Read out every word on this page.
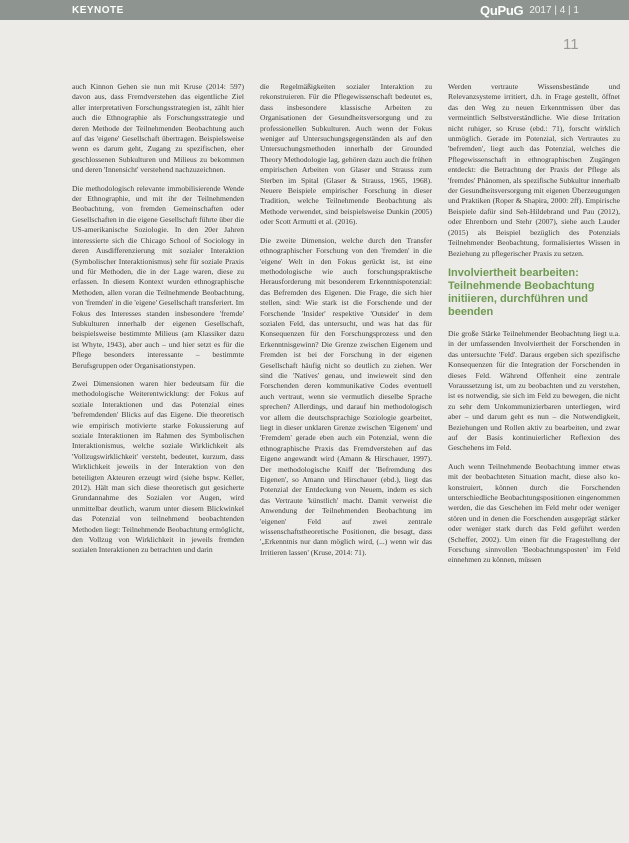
KEYNOTE	QuPuG 2017 | 4 | 1
11

auch Kinnon Gehen sie nun mit Kruse (2014: 597) davon aus, dass Fremdverstehen das eigentliche Ziel aller interpretativen Forschungsstrategien ist, zählt hier auch die Ethnographie als Forschungsstrategie und deren Methode der Teilnehmenden Beobachtung auch auf das 'eigene' Gesellschaft übertragen. Beispielsweise wenn es darum geht, Zugang zu spezifischen, eher geschlossenen Subkulturen und Milieus zu bekommen und deren 'Innensicht' verstehend nachzuzeichnen.

Die methodologisch relevante immobilisierende Wende der Ethnographie, und mit ihr der Teilnehmenden Beobachtung, von fremden Gemeinschaften oder Gesellschaften in die eigene Gesellschaft führte über die US-amerikanische Soziologie. In den 20er Jahren interessierte sich die Chicago School of Sociology in deren Ausdifferenzierung mit sozialer Interaktion (Symbolischer Interaktionismus) sehr für soziale Praxis und für Methoden, die in der Lage waren, diese zu erfassen. In diesem Kontext wurden ethnographische Methoden, allen voran die Teilnehmende Beobachtung, von 'fremden' in die 'eigene' Gesellschaft transferiert. Im Fokus des Interesses standen insbesondere 'fremde' Subkulturen innerhalb der eigenen Gesellschaft, beispielsweise bestimmte Milieus (am Klassiker dazu ist Whyte, 1943), aber auch – und hier setzt es für die Pflege besonders interessante – bestimmte Berufsgruppen oder Organisationstypen.

Zwei Dimensionen waren hier bedeutsam für die methodologische Weiterentwicklung: der Fokus auf soziale Interaktionen und das Potenzial eines 'befremdenden' Blicks auf das Eigene. Die theoretisch wie empirisch motivierte starke Fokussierung auf soziale Interaktionen im Rahmen des Symbolischen Interaktionismus, welche soziale Wirklichkeit als 'Vollzugswirklichkeit' versteht, bedeutet, kurzum, dass Wirklichkeit jeweils in der Interaktion von den beteiligten Akteuren erzeugt wird (siehe bspw. Keller, 2012). Hält man sich diese theoretisch gut gesicherte Grundannahme des Sozialen vor Augen, wird unmittelbar deutlich, warum unter diesem Blickwinkel das Potenzial von teilnehmend beobachtenden Methoden liegt: Teilnehmende Beobachtung ermöglicht, den Vollzug von Wirklichkeit in jeweils fremden sozialen Interaktionen zu betrachten und darin

die Regelmäßigkeiten sozialer Interaktion zu rekonstruieren. Für die Pflegewissenschaft bedeutet es, dass insbesondere klassische Arbeiten zu Organisationen der Gesundheitsversorgung und zu professionellen Subkulturen. Auch wenn der Fokus weniger auf Untersuchungsgegenständen als auf den Untersuchungsmethoden innerhalb der Grounded Theory Methodologie lag, gehören dazu auch die frühen empirischen Arbeiten von Glaser und Strauss zum Sterben im Spital (Glaser & Strauss, 1965, 1968). Neuere Beispiele empirischer Forschung in dieser Tradition, welche Teilnehmende Beobachtung als Methode verwendet, sind beispielsweise Dunkin (2005) oder Scott Armutti et al. (2016).

Die zweite Dimension, welche durch den Transfer ethnographischer Forschung von den 'fremden' in die 'eigene' Welt in den Fokus gerückt ist, ist eine methodologische wie auch forschungspraktische Herausforderung mit besonderem Erkenntnispotenzial: das Befremden des Eigenen. Die Frage, die sich hier stellen, sind: Wie stark ist die Forschende und der Forschende 'Insider' respektive 'Outsider' in dem sozialen Feld, das untersucht, und was hat das für Konsequenzen für den Forschungsprozess und den Erkenntnisgewinn? Die Grenze zwischen Eigenem und Fremden ist bei der Forschung in der eigenen Gesellschaft häufig nicht so deutlich zu ziehen. Wer sind die 'Natives' genau, und inwieweit sind den Forschenden deren kommunikative Codes eventuell auch vertraut, wenn sie vermutlich dieselbe Sprache sprechen? Allerdings, und darauf hin methodologisch vor allem die deutschsprachige Soziologie gearbeitet, liegt in dieser unklaren Grenze zwischen 'Eigenem' und 'Fremdem' gerade eben auch ein Potenzial, wenn die ethnographische Praxis das Fremdverstehen auf das Eigene angewandt wird (Amann & Hirschauer, 1997). Der methodologische Kniff der 'Befremdung des Eigenen', so Amann und Hirschauer (ebd.), liegt das Potenzial der Entdeckung von Neuem, indem es sich das Vertraute 'künstlich' macht. Damit verweist die Anwendung der Teilnehmenden Beobachtung im 'eigenen' Feld auf zwei zentrale wissenschaftstheoretische Positionen, die besagt, dass '„Erkenntnis nur dann möglich wird, (...) wenn wir das Irritieren lassen' (Kruse, 2014: 71).

Werden vertraute Wissensbestände und Relevanzsysteme irritiert, d.h. in Frage gestellt, öffnet das den Weg zu neuen Erkenntnissen über das vermeintlich Selbstverständliche. Wie diese Irritation nicht ruhiger, so Kruse (ebd.: 71), forscht wirklich unmöglich. Gerade im Potenzial, sich Vertrautes zu 'befremden', liegt auch das Potenzial, welches die Pflegewissenschaft in ethnographischen Zugängen entdeckt: die Betrachtung der Praxis der Pflege als 'fremdes' Phänomen, als spezifische Subkultur innerhalb der Gesundheitsversorgung mit eigenen Überzeugungen und Praktiken (Roper & Shapira, 2000: 2ff). Empirische Beispiele dafür sind Seh-Hildebrand und Pau (2012), oder Ehrenborn und Stehr (2007), siehe auch Lauder (2015) als Beispiel bezüglich des Potenzials Teilnehmender Beobachtung, formalisiertes Wissen in Beziehung zu pflegerischer Praxis zu setzen.

Involviertheit bearbeiten: Teilnehmende Beobachtung initiieren, durchführen und beenden

Die große Stärke Teilnehmender Beobachtung liegt u.a. in der umfassenden Involviertheit der Forschenden in das untersuchte 'Feld'. Daraus ergeben sich spezifische Konsequenzen für die Integration der Forschenden in dieses Feld. Während Offenheit eine zentrale Voraussetzung ist, um zu beobachten und zu verstehen, ist es notwendig, sie sich im Feld zu bewegen, die nicht zu sehr dem Unkommunizierbaren unterliegen, wird aber – und darum geht es nun – die Notwendigkeit, Beziehungen und Rollen aktiv zu bearbeiten, und zwar auf der Basis kontinuierlicher Reflexion des Geschehens im Feld.

Auch wenn Teilnehmende Beobachtung immer etwas mit der beobachteten Situation macht, diese also ko-konstruiert, können durch die Forschenden unterschiedliche Beobachtungspositionen eingenommen werden, die das Geschehen im Feld mehr oder weniger stören und in denen die Forschenden ausgeprägt stärker oder weniger stark durch das Feld geführt werden (Scheffer, 2002). Um einen für die Fragestellung der Forschung sinnvollen 'Beobachtungsposten' im Feld einnehmen zu können, müssen
